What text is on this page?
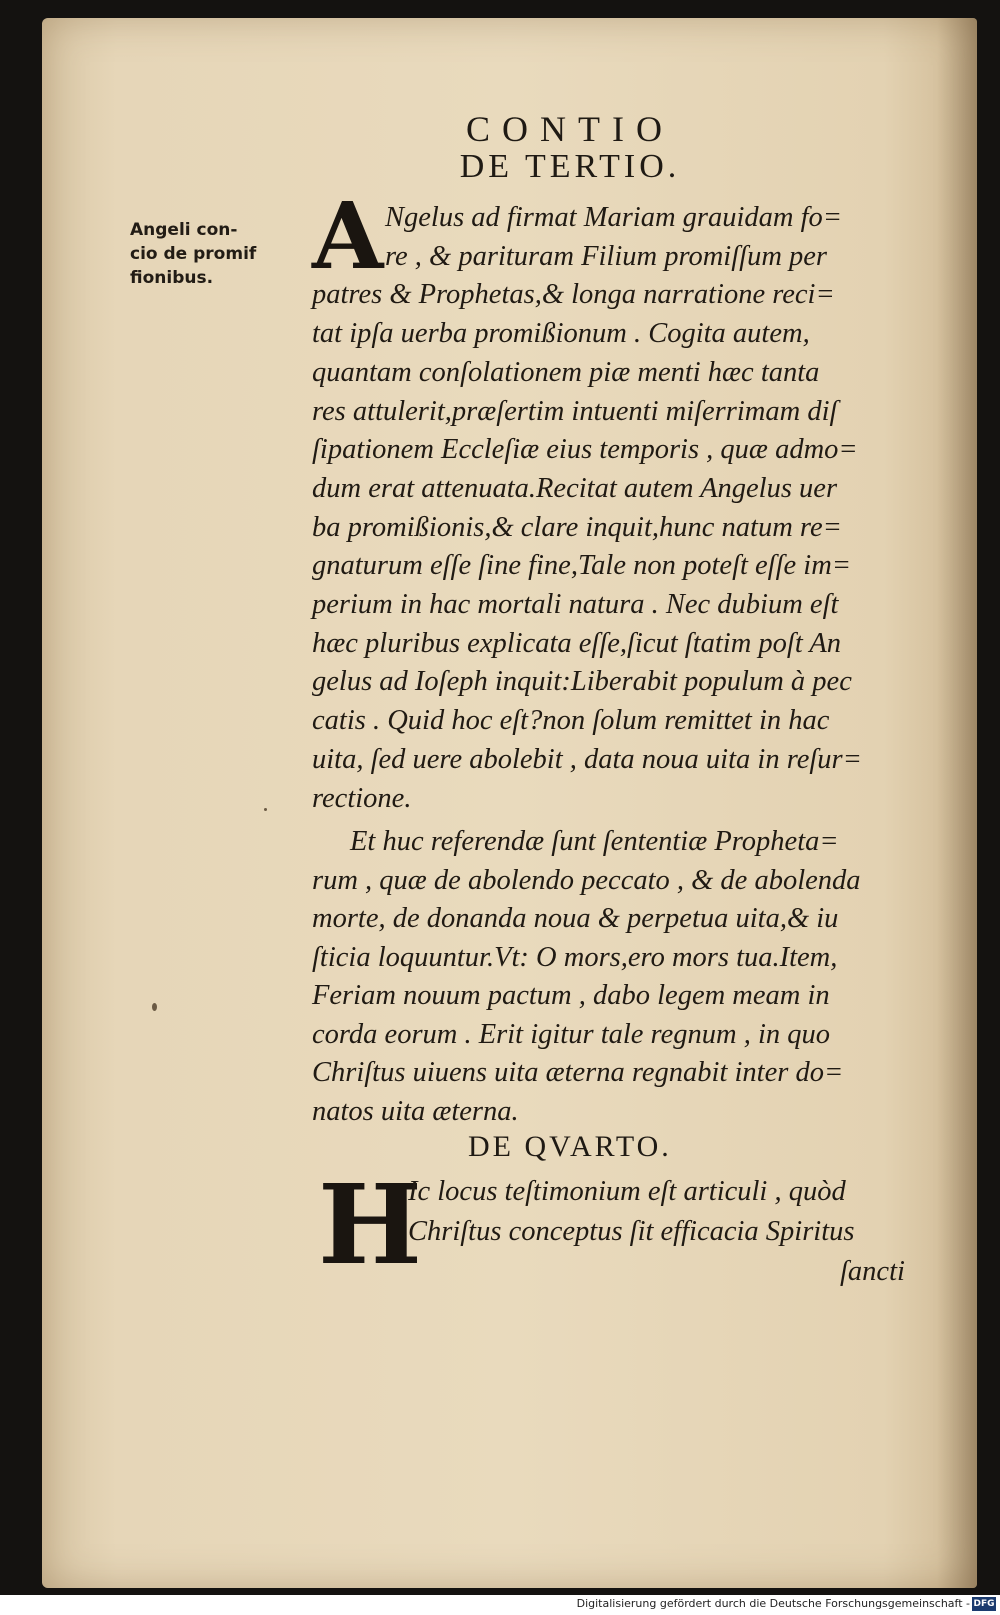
CONTIO
DE TERTIO.
Angeli con-
cio de promif
fionibus.	A Ngelus ad firmat Mariam grauidam fo=
re , & parituram Filium promiſſum per
patres & Prophetas,& longa narratione reci=
tat ipſa uerba promißionum . Cogita autem,
quantam conſolationem piæ menti hæc tanta
res attulerit,præſertim intuenti miſerrimam diſ
ſipationem Eccleſiæ eius temporis , quæ admo=
dum erat attenuata.Recitat autem Angelus uer
ba promißionis,& clare inquit,hunc natum re=
gnaturum eſſe ſine fine,Tale non poteſt eſſe im=
perium in hac mortali natura . Nec dubium eſt
hæc pluribus explicata eſſe,ſicut ſtatim poſt An
gelus ad Ioſeph inquit:Liberabit populum à pec
catis . Quid hoc eſt?non ſolum remittet in hac
uita, ſed uere abolebit , data noua uita in reſur=
rectione.
Et huc referendæ ſunt ſententiæ Propheta=
rum , quæ de abolendo peccato , & de abolenda
morte, de donanda noua & perpetua uita,& iu
ſticia loquuntur.Vt: O mors,ero mors tua.Item,
Feriam nouum pactum , dabo legem meam in
corda eorum . Erit igitur tale regnum , in quo
Chriſtus uiuens uita æterna regnabit inter do=
natos uita æterna.
DE QVARTO.
H
Ic locus teſtimonium eſt articuli , quòd
Chriſtus conceptus ſit efficacia Spiritus
ſancti
Digitalisierung gefördert durch die Deutsche Forschungsgemeinschaft - DFG
